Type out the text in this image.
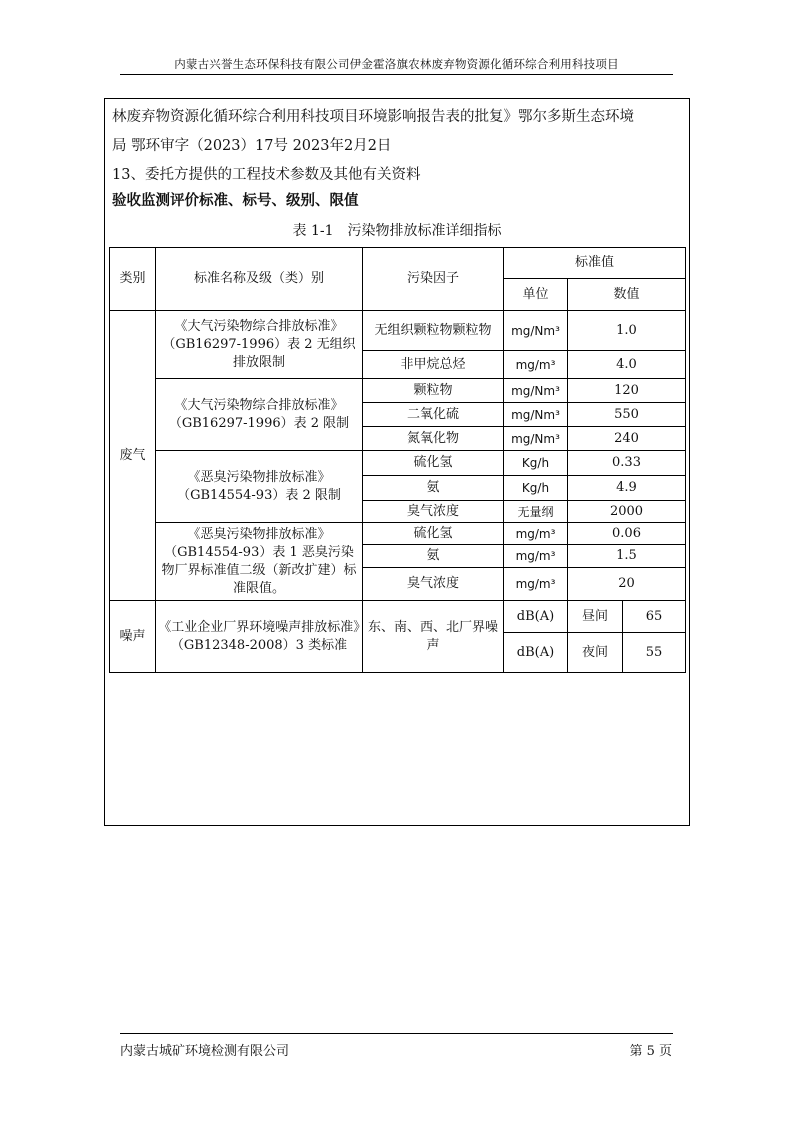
内蒙古兴誉生态环保科技有限公司伊金霍洛旗农林废弃物资源化循环综合利用科技项目

林废弃物资源化循环综合利用科技项目环境影响报告表的批复》鄂尔多斯生态环境

局 鄂环审字（2023）17号 2023年2月2日

13、委托方提供的工程技术参数及其他有关资料

验收监测评价标准、标号、级别、限值
表 1-1　污染物排放标准详细指标
类别	标准名称及级（类）别	污染因子	标准值		
			单位	数值	
废气	《大气污染物综合排放标准》（GB16297-1996）表 2 无组织排放限制	无组织颗粒物颗粒物	mg/Nm³	1.0	
		非甲烷总烃	mg/m³	4.0	
	《大气污染物综合排放标准》（GB16297-1996）表 2 限制	颗粒物	mg/Nm³	120	
		二氧化硫	mg/Nm³	550	
		氮氧化物	mg/Nm³	240	
	《恶臭污染物排放标准》（GB14554-93）表 2 限制	硫化氢	Kg/h	0.33	
		氨	Kg/h	4.9	
		臭气浓度	无量纲	2000	
	《恶臭污染物排放标准》（GB14554-93）表 1 恶臭污染物厂界标准值二级（新改扩建）标准限值。	硫化氢	mg/m³	0.06	
		氨	mg/m³	1.5	
		臭气浓度	mg/m³	20	
噪声	《工业企业厂界环境噪声排放标准》（GB12348-2008）3 类标准	东、南、西、北厂界噪声	dB(A)	昼间	65
			dB(A)	夜间	55
内蒙古城矿环境检测有限公司	第 5 页
